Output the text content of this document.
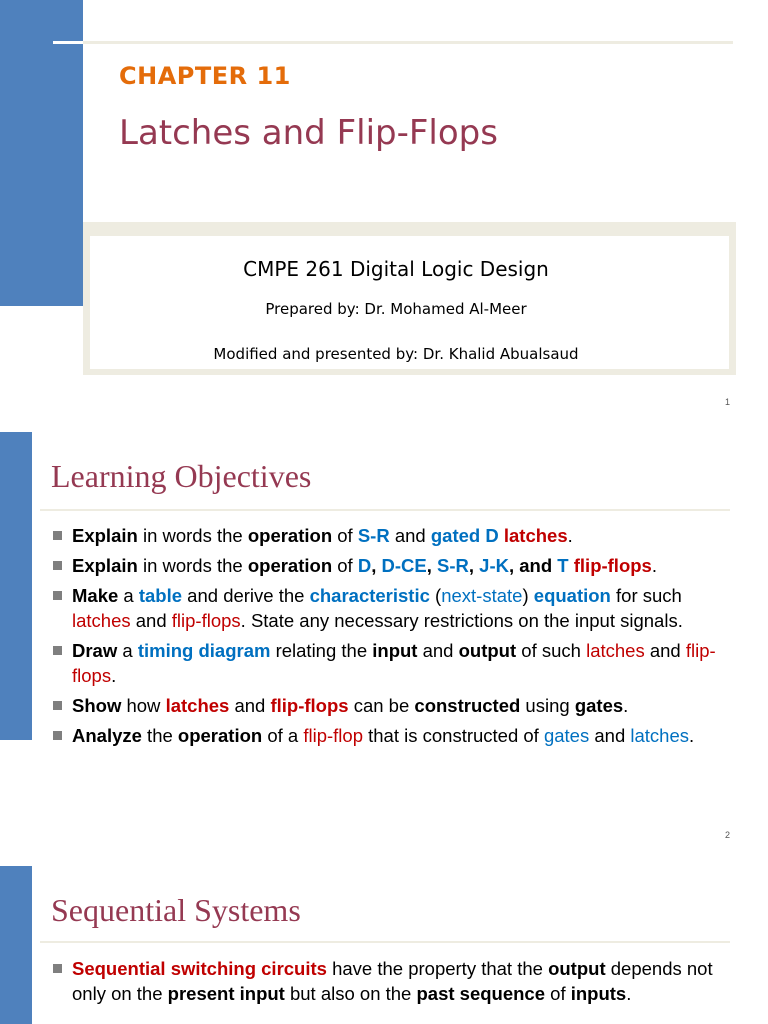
CHAPTER 11
Latches and Flip-Flops
CMPE 261 Digital Logic Design
Prepared by: Dr. Mohamed Al-Meer
Modified and presented by: Dr. Khalid Abualsaud
1
Learning Objectives
Explain in words the operation of S-R and gated D latches.
Explain in words the operation of D, D-CE, S-R, J-K, and T flip-flops.
Make a table and derive the characteristic (next-state) equation for such latches and flip-flops. State any necessary restrictions on the input signals.
Draw a timing diagram relating the input and output of such latches and flip-flops.
Show how latches and flip-flops can be constructed using gates.
Analyze the operation of a flip-flop that is constructed of gates and latches.
2
Sequential Systems
Sequential switching circuits have the property that the output depends not only on the present input but also on the past sequence of inputs.
